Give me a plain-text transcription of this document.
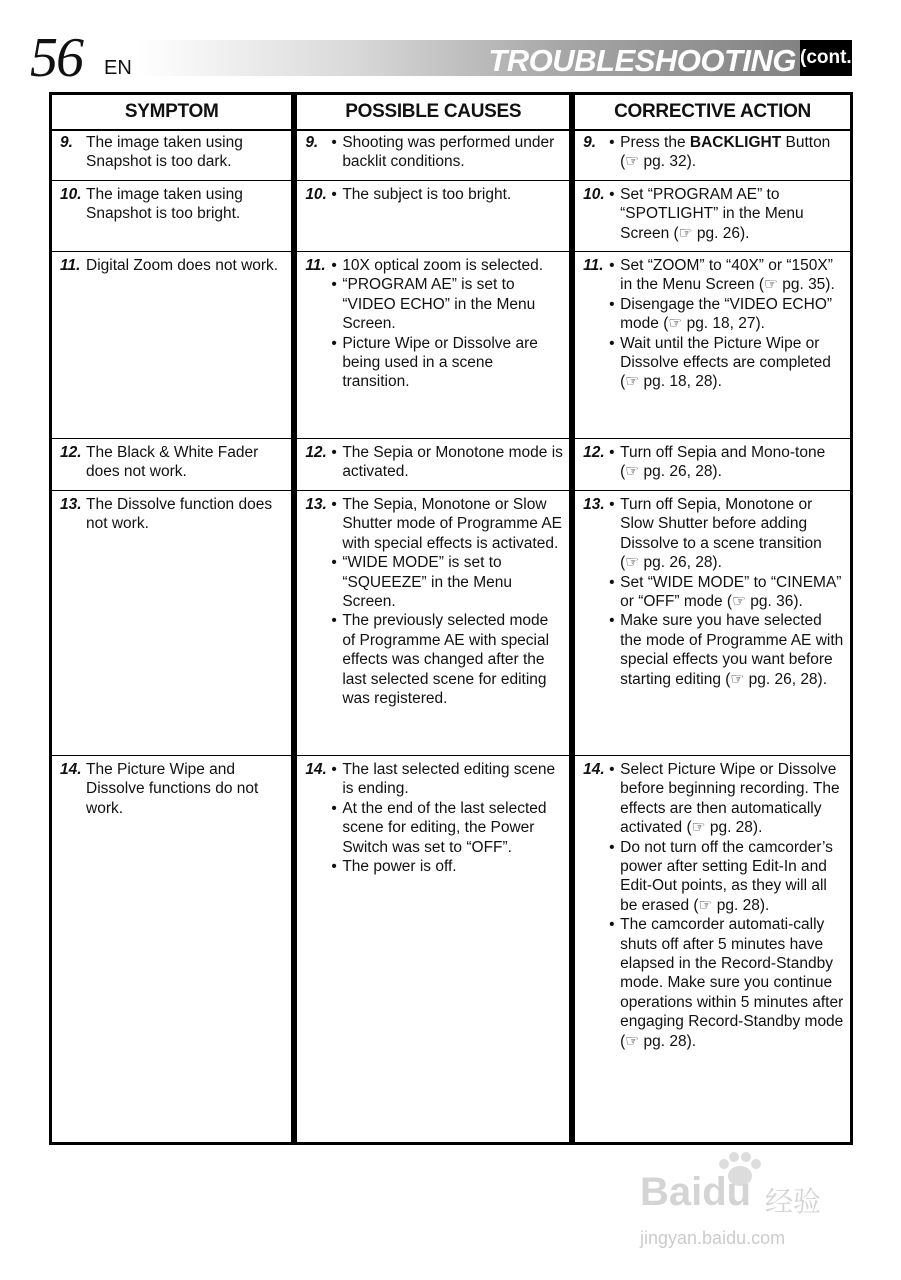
56 EN	TROUBLESHOOTING (cont.)
SYMPTOM
9. The image taken using Snapshot is too dark.
10. The image taken using Snapshot is too bright.
11. Digital Zoom does not work.
12. The Black & White Fader does not work.
13. The Dissolve function does not work.
14. The Picture Wipe and Dissolve functions do not work.
POSSIBLE CAUSES
9. • Shooting was performed under backlit conditions.
10. • The subject is too bright.
11. • 10X optical zoom is selected.
• “PROGRAM AE” is set to “VIDEO ECHO” in the Menu Screen.
• Picture Wipe or Dissolve are being used in a scene transition.
12. • The Sepia or Monotone mode is activated.
13. • The Sepia, Monotone or Slow Shutter mode of Programme AE with special effects is activated.
• “WIDE MODE” is set to “SQUEEZE” in the Menu Screen.
• The previously selected mode of Programme AE with special effects was changed after the last selected scene for editing was registered.
14. • The last selected editing scene is ending.
• At the end of the last selected scene for editing, the Power Switch was set to “OFF”.
• The power is off.
CORRECTIVE ACTION
9. • Press the BACKLIGHT Button (☞ pg. 32).
10. • Set “PROGRAM AE” to “SPOTLIGHT” in the Menu Screen (☞ pg. 26).
11. • Set “ZOOM” to “40X” or “150X” in the Menu Screen (☞ pg. 35).
• Disengage the “VIDEO ECHO” mode (☞ pg. 18, 27).
• Wait until the Picture Wipe or Dissolve effects are completed (☞ pg. 18, 28).
12. • Turn off Sepia and Mono-tone (☞ pg. 26, 28).
13. • Turn off Sepia, Monotone or Slow Shutter before adding Dissolve to a scene transition (☞ pg. 26, 28).
• Set “WIDE MODE” to “CINEMA” or “OFF” mode (☞ pg. 36).
• Make sure you have selected the mode of Programme AE with special effects you want before starting editing (☞ pg. 26, 28).
14. • Select Picture Wipe or Dissolve before beginning recording. The effects are then automatically activated (☞ pg. 28).
• Do not turn off the camcorder’s power after setting Edit-In and Edit-Out points, as they will all be erased (☞ pg. 28).
• The camcorder automati-cally shuts off after 5 minutes have elapsed in the Record-Standby mode. Make sure you continue operations within 5 minutes after engaging Record-Standby mode (☞ pg. 28).
Baidu 经验
jingyan.baidu.com
